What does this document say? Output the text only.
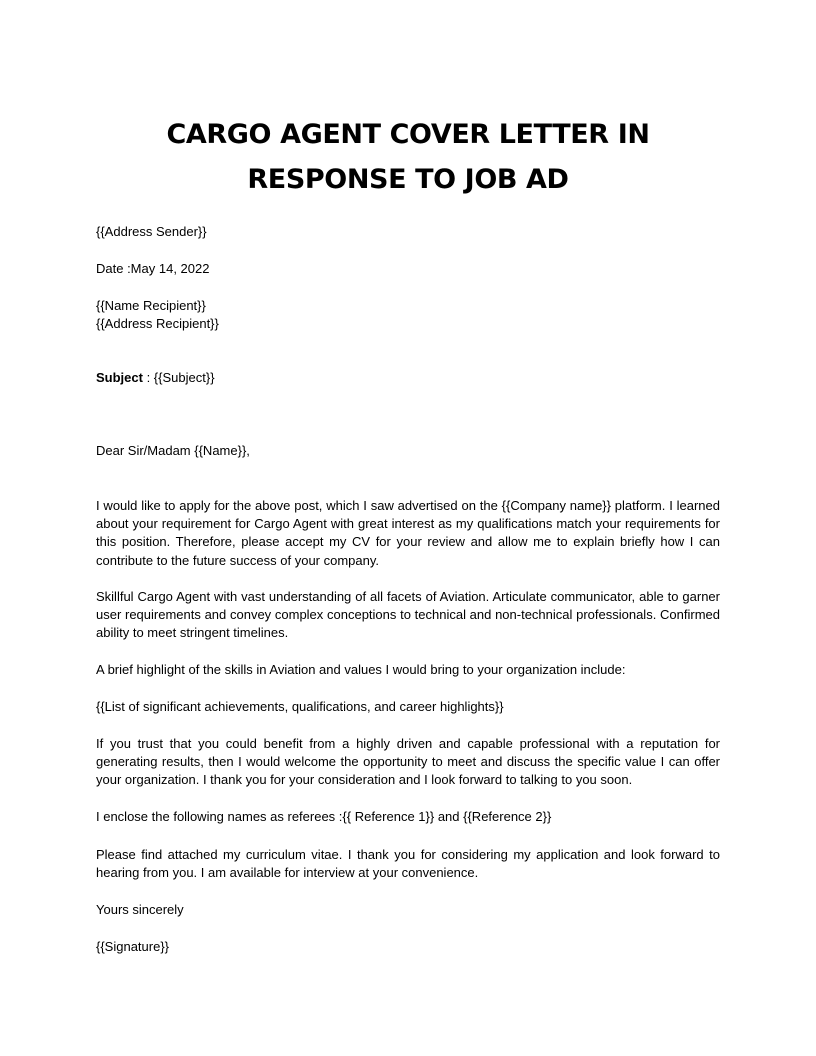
CARGO AGENT COVER LETTER IN
RESPONSE TO JOB AD

{{Address Sender}}

Date :May 14, 2022

{{Name Recipient}}

{{Address Recipient}}

Subject : {{Subject}}

Dear Sir/Madam {{Name}},

I would like to apply for the above post, which I saw advertised on the {{Company name}} platform. I learned about your requirement for Cargo Agent with great interest as my qualifications match your requirements for this position. Therefore, please accept my CV for your review and allow me to explain briefly how I can contribute to the future success of your company.

Skillful Cargo Agent with vast understanding of all facets of Aviation. Articulate communicator, able to garner user requirements and convey complex conceptions to technical and non-technical professionals. Confirmed ability to meet stringent timelines.

A brief highlight of the skills in Aviation and values I would bring to your organization include:

{{List of significant achievements, qualifications, and career highlights}}

If you trust that you could benefit from a highly driven and capable professional with a reputation for generating results, then I would welcome the opportunity to meet and discuss the specific value I can offer your organization. I thank you for your consideration and I look forward to talking to you soon.

I enclose the following names as referees :{{ Reference 1}} and {{Reference 2}}

Please find attached my curriculum vitae. I thank you for considering my application and look forward to hearing from you. I am available for interview at your convenience.

Yours sincerely

{{Signature}}
